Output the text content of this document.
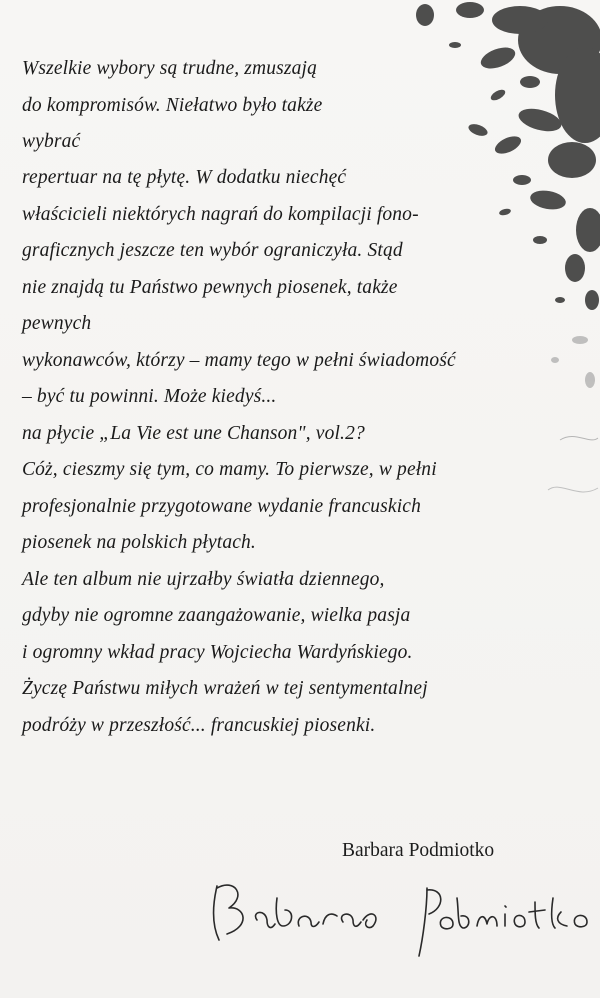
Wszelkie wybory są trudne, zmuszają
do kompromisów. Niełatwo było także
wybrać
repertuar na tę płytę. W dodatku niechęć
właścicieli niektórych nagrań do kompilacji fono-
graficznych jeszcze ten wybór ograniczyła. Stąd
nie znajdą tu Państwo pewnych piosenek, także
pewnych
wykonawców, którzy – mamy tego w pełni świadomość
– być tu powinni. Może kiedyś...
na płycie „La Vie est une Chanson", vol.2?
Cóż, cieszmy się tym, co mamy. To pierwsze, w pełni
profesjonalnie przygotowane wydanie francuskich
piosenek na polskich płytach.
Ale ten album nie ujrzałby światła dziennego,
gdyby nie ogromne zaangażowanie, wielka pasja
i ogromny wkład pracy Wojciecha Wardyńskiego.
Życzę Państwu miłych wrażeń w tej sentymentalnej
podróży w przeszłość... francuskiej piosenki.
Barbara Podmiotko
